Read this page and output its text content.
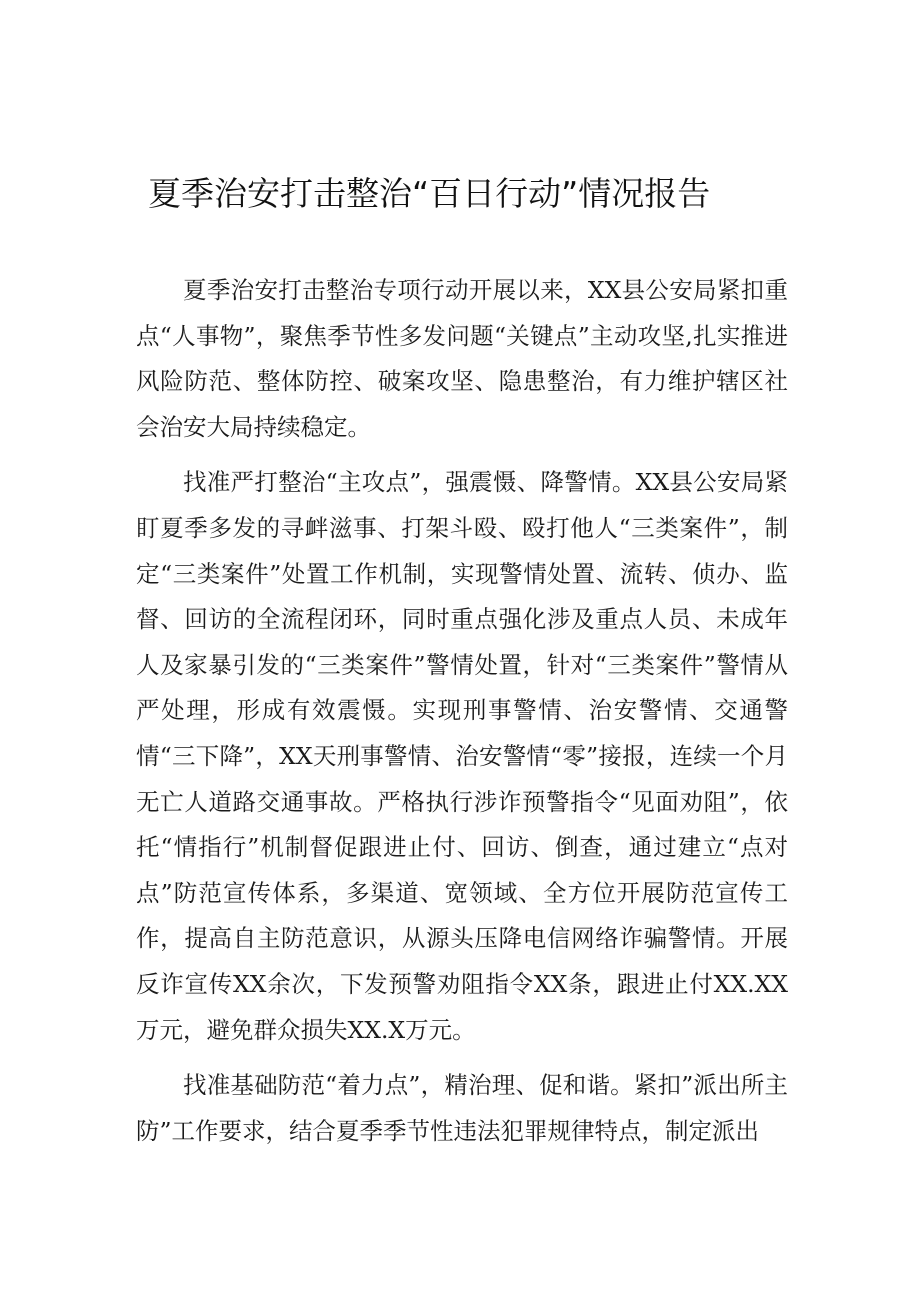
夏季治安打击整治“百日行动”情况报告

夏季治安打击整治专项行动开展以来，XX县公安局紧扣重点“人事物”，聚焦季节性多发问题“关键点”主动攻坚,扎实推进风险防范、整体防控、破案攻坚、隐患整治，有力维护辖区社会治安大局持续稳定。

找准严打整治“主攻点”，强震慑、降警情。XX县公安局紧盯夏季多发的寻衅滋事、打架斗殴、殴打他人“三类案件”，制定“三类案件”处置工作机制，实现警情处置、流转、侦办、监督、回访的全流程闭环，同时重点强化涉及重点人员、未成年人及家暴引发的“三类案件”警情处置，针对“三类案件”警情从严处理，形成有效震慑。实现刑事警情、治安警情、交通警情“三下降”，XX天刑事警情、治安警情“零”接报，连续一个月无亡人道路交通事故。严格执行涉诈预警指令“见面劝阻”，依托“情指行”机制督促跟进止付、回访、倒查，通过建立“点对点”防范宣传体系，多渠道、宽领域、全方位开展防范宣传工作，提高自主防范意识，从源头压降电信网络诈骗警情。开展反诈宣传XX余次，下发预警劝阻指令XX条，跟进止付XX.XX万元，避免群众损失XX.X万元。

找准基础防范“着力点”，精治理、促和谐。紧扣”派出所主防”工作要求，结合夏季季节性违法犯罪规律特点，制定派出
